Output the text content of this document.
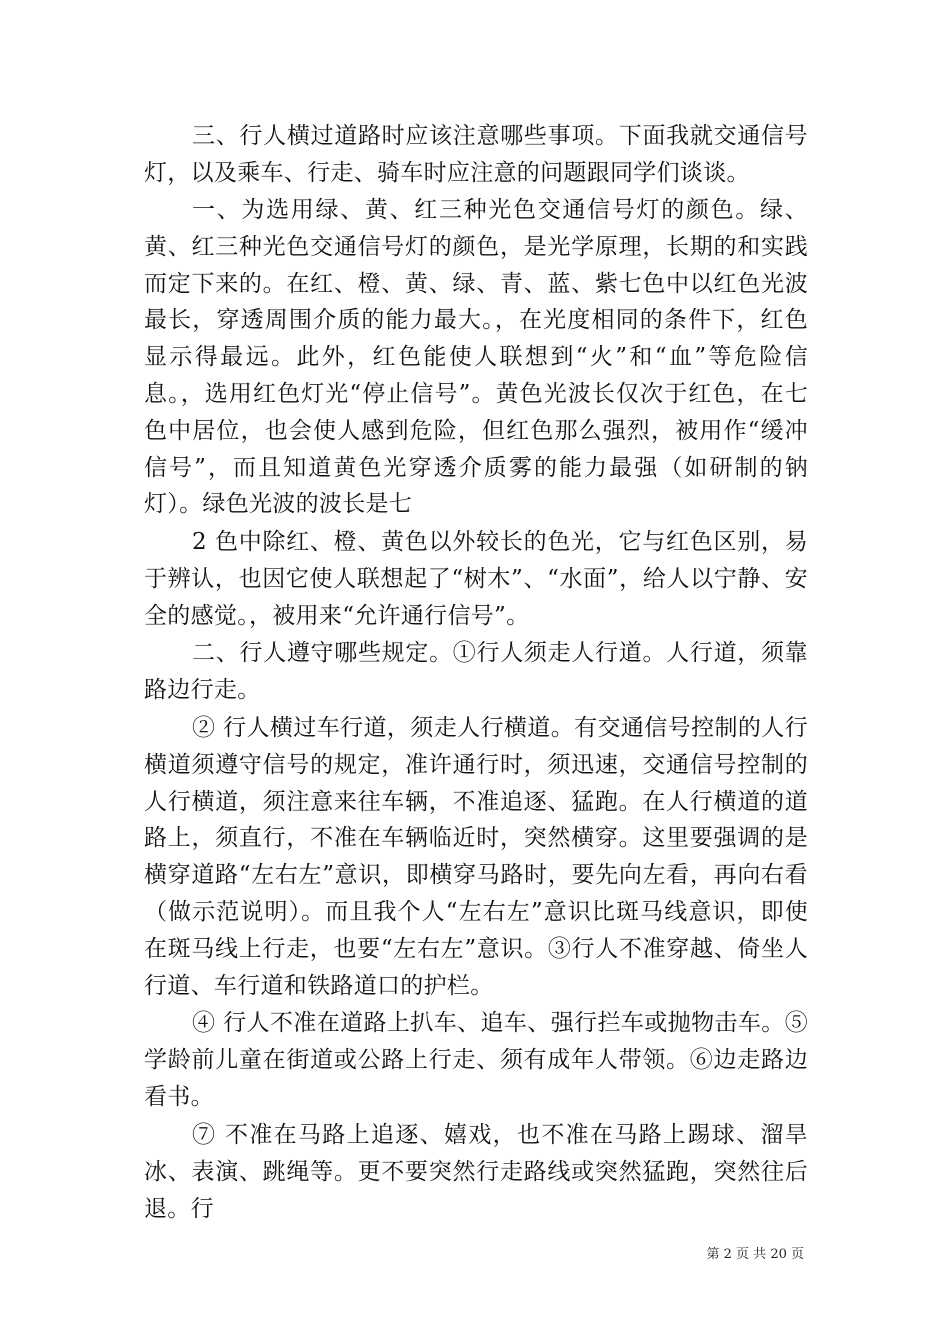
三、行人横过道路时应该注意哪些事项。下面我就交通信号灯，以及乘车、行走、骑车时应注意的问题跟同学们谈谈。

一、为选用绿、黄、红三种光色交通信号灯的颜色。绿、黄、红三种光色交通信号灯的颜色，是光学原理，长期的和实践而定下来的。在红、橙、黄、绿、青、蓝、紫七色中以红色光波最长，穿透周围介质的能力最大。，在光度相同的条件下，红色显示得最远。此外，红色能使人联想到“火”和“血”等危险信息。，选用红色灯光“停止信号”。黄色光波长仅次于红色，在七色中居位，也会使人感到危险，但红色那么强烈，被用作“缓冲信号”，而且知道黄色光穿透介质雾的能力最强（如研制的钠灯）。绿色光波的波长是七

2 色中除红、橙、黄色以外较长的色光，它与红色区别，易于辨认，也因它使人联想起了“树木”、“水面”，给人以宁静、安全的感觉。，被用来“允许通行信号”。

二、行人遵守哪些规定。①行人须走人行道。人行道，须靠路边行走。

② 行人横过车行道，须走人行横道。有交通信号控制的人行横道须遵守信号的规定，准许通行时，须迅速，交通信号控制的人行横道，须注意来往车辆，不准追逐、猛跑。在人行横道的道路上，须直行，不准在车辆临近时，突然横穿。这里要强调的是横穿道路“左右左”意识，即横穿马路时，要先向左看，再向右看（做示范说明）。而且我个人“左右左”意识比斑马线意识，即使在斑马线上行走，也要“左右左”意识。③行人不准穿越、倚坐人行道、车行道和铁路道口的护栏。

④ 行人不准在道路上扒车、追车、强行拦车或抛物击车。⑤学龄前儿童在街道或公路上行走、须有成年人带领。⑥边走路边看书。

⑦ 不准在马路上追逐、嬉戏，也不准在马路上踢球、溜旱冰、表演、跳绳等。更不要突然行走路线或突然猛跑，突然往后退。行

第 2 页 共 20 页
